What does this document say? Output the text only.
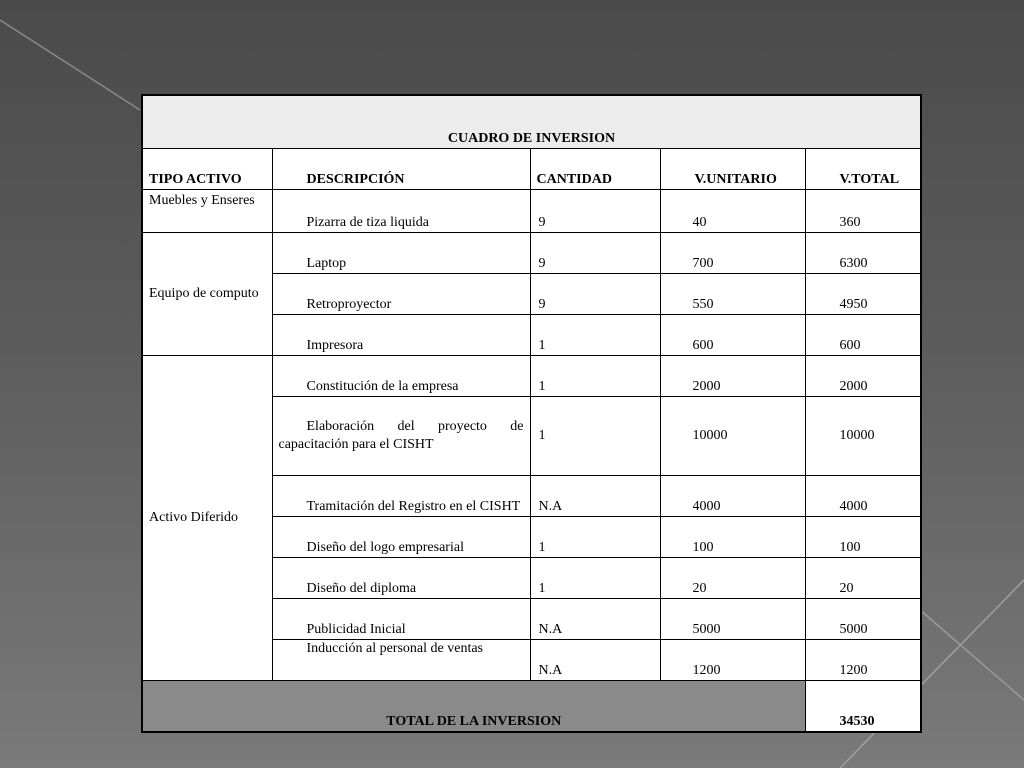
CUADRO DE INVERSION				
TIPO ACTIVO	DESCRIPCIÓN	CANTIDAD	V.UNITARIO	V.TOTAL
Muebles y Enseres	Pizarra de tiza liquida	9	40	360
Equipo de computo	Laptop	9	700	6300
	Retroproyector	9	550	4950
	Impresora	1	600	600
Activo Diferido	Constitución de la empresa	1	2000	2000
	Elaboración del proyecto de capacitación para el CISHT	1	10000	10000
	Tramitación del Registro en el CISHT	N.A	4000	4000
	Diseño del logo empresarial	1	100	100
	Diseño del diploma	1	20	20
	Publicidad Inicial	N.A	5000	5000
	Inducción al personal de ventas	N.A	1200	1200
TOTAL DE LA INVERSION				34530
